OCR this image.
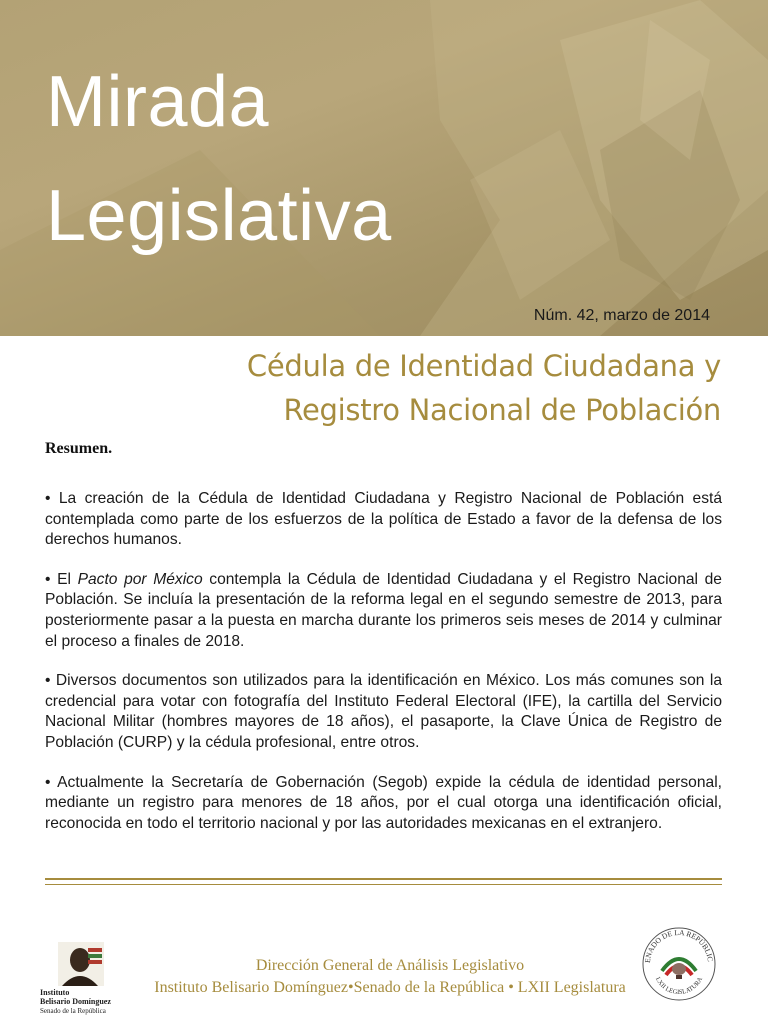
Mirada
Legislativa
Núm. 42, marzo de 2014
Cédula de Identidad Ciudadana y
Registro Nacional de Población
Resumen.

• La creación de la Cédula de Identidad Ciudadana y Registro Nacional de Población está contemplada como parte de los esfuerzos de la política de Estado a favor de la defensa de los derechos humanos.

• El Pacto por México contempla la Cédula de Identidad Ciudadana y el Registro Nacional de Población. Se incluía la presentación de la reforma legal en el segundo semestre de 2013, para posteriormente pasar a la puesta en marcha durante los primeros seis meses de 2014 y culminar el proceso a finales de 2018.

• Diversos documentos son utilizados para la identificación en México. Los más comunes son la credencial para votar con fotografía del Instituto Federal Electoral (IFE), la cartilla del Servicio Nacional Militar (hombres mayores de 18 años), el pasaporte, la Clave Única de Registro de Población (CURP) y la cédula profesional, entre otros.

• Actualmente la Secretaría de Gobernación (Segob) expide la cédula de identidad personal, mediante un registro para menores de 18 años, por el cual otorga una identificación oficial, reconocida en todo el territorio nacional y por las autoridades mexicanas en el extranjero.

Instituto
Belisario Domínguez
Senado de la República
Dirección General de Análisis Legislativo
Instituto Belisario Domínguez•Senado de la República • LXII Legislatura
ENADO DE LA REPÚBLIC
LXII LEGISLATURA
